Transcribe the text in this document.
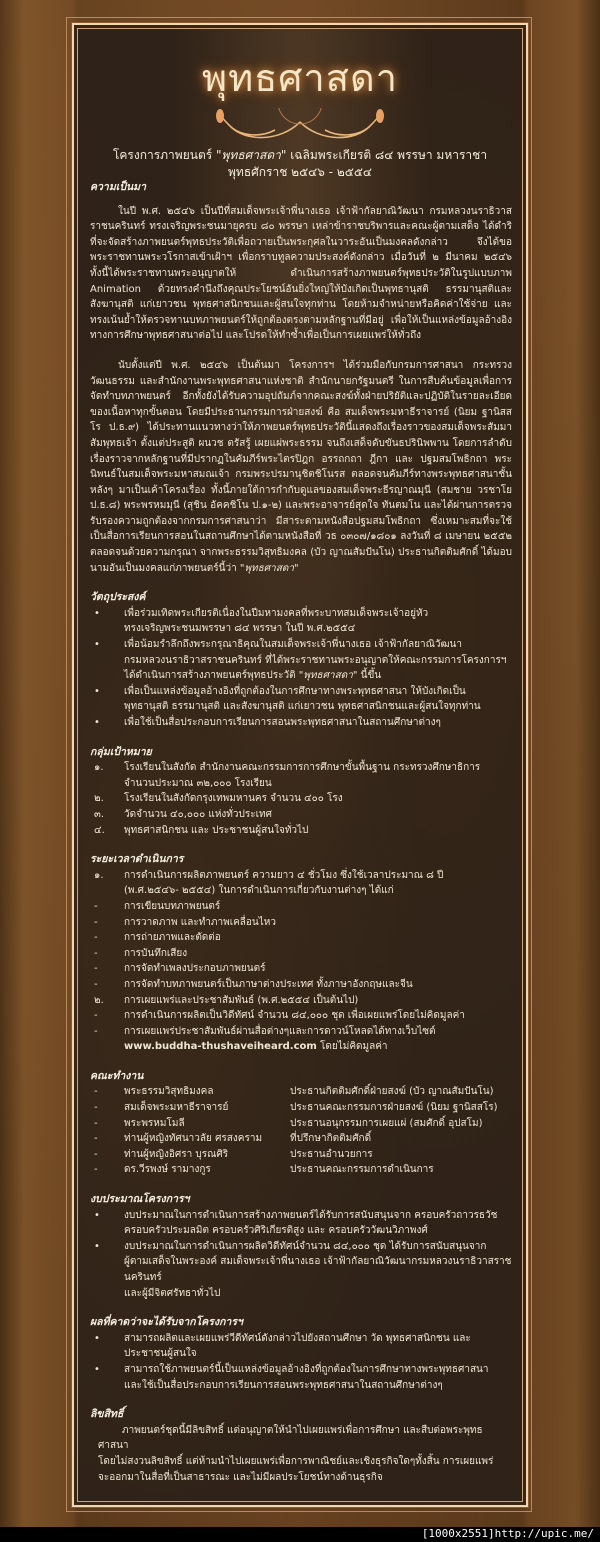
พุทธศาสดา
โครงการภาพยนตร์ "พุทธศาสดา" เฉลิมพระเกียรติ ๘๔ พรรษา มหาราชา
พุทธศักราช ๒๕๔๖ - ๒๕๕๔

ความเป็นมา

ในปี พ.ศ. ๒๕๔๖ เป็นปีที่สมเด็จพระเจ้าพี่นางเธอ เจ้าฟ้ากัลยาณิวัฒนา กรมหลวงนราธิวาสราชนครินทร์ ทรงเจริญพระชนมายุครบ ๘๐ พรรษา เหล่าข้าราชบริพารและคณะผู้ตามเสด็จ ได้ดำริที่จะจัดสร้างภาพยนตร์พุทธประวัติเพื่อถวายเป็นพระกุศลในวาระอันเป็นมงคลดังกล่าว จึงได้ขอพระราชทานพระวโรกาสเข้าเฝ้าฯ เพื่อกราบทูลความประสงค์ดังกล่าว เมื่อวันที่ ๒ มีนาคม ๒๕๔๖ ทั้งนี้ได้พระราชทานพระอนุญาตให้ ดำเนินการสร้างภาพยนตร์พุทธประวัติในรูปแบบภาพ Animation ด้วยทรงคำนึงถึงคุณประโยชน์อันยิ่งใหญ่ให้บังเกิดเป็นพุทธานุสติ ธรรมานุสติและสังฆานุสติ แก่เยาวชน พุทธศาสนิกชนและผู้สนใจทุกท่าน โดยห้ามจำหน่ายหรือคิดค่าใช้จ่าย และทรงเน้นย้ำให้ตรวจทานบทภาพยนตร์ให้ถูกต้องตรงตามหลักฐานที่มีอยู่ เพื่อให้เป็นแหล่งข้อมูลอ้างอิงทางการศึกษาพุทธศาสนาต่อไป และโปรดให้ทำซ้ำเพื่อเป็นการเผยแพร่ให้ทั่วถึง

นับตั้งแต่ปี พ.ศ. ๒๕๔๖ เป็นต้นมา โครงการฯ ได้ร่วมมือกับกรมการศาสนา กระทรวงวัฒนธรรม และสำนักงานพระพุทธศาสนาแห่งชาติ สำนักนายกรัฐมนตรี ในการสืบค้นข้อมูลเพื่อการจัดทำบทภาพยนตร์ อีกทั้งยังได้รับความอุปถัมภ์จากคณะสงฆ์ทั้งฝ่ายปริยัติและปฏิบัติในรายละเอียดของเนื้อหาทุกขั้นตอน โดยมีประธานกรรมการฝ่ายสงฆ์ คือ สมเด็จพระมหาธีราจารย์ (นิยม ฐานิสสโร ป.ธ.๙) ได้ประทานแนวทางว่าให้ภาพยนตร์พุทธประวัตินี้แสดงถึงเรื่องราวของสมเด็จพระสัมมาสัมพุทธเจ้า ตั้งแต่ประสูติ ผนวช ตรัสรู้ เผยแผ่พระธรรม จนถึงเสด็จดับขันธปรินิพพาน โดยการลำดับเรื่องราวจากหลักฐานที่มีปรากฏในคัมภีร์พระไตรปิฎก อรรถกถา ฎีกา และ ปฐมสมโพธิกถา พระนิพนธ์ในสมเด็จพระมหาสมณเจ้า กรมพระปรมานุชิตชิโนรส ตลอดจนคัมภีร์ทางพระพุทธศาสนาชั้นหลังๆ มาเป็นเค้าโครงเรื่อง ทั้งนี้ภายใต้การกำกับดูแลของสมเด็จพระธีรญาณมุนี (สมชาย วรชาโย ป.ธ.๘) พระพรหมมุนี (สุชิน อัคคชิโน ป.๑-๒) และพระอาจารย์สุดใจ ทันตมโน และได้ผ่านการตรวจรับรองความถูกต้องจากกรมการศาสนาว่า มีสาระตามหนังสือปฐมสมโพธิกถา ซึ่งเหมาะสมที่จะใช้เป็นสื่อการเรียนการสอนในสถานศึกษาได้ตามหนังสือที่ วธ ๐๓๐๗/๑๘๐๑ ลงวันที่ ๘ เมษายน ๒๕๕๒ ตลอดจนด้วยความกรุณา จากพระธรรมวิสุทธิมงคล (บัว ญาณสัมปันโน) ประธานกิตติมศักดิ์ ได้มอบนามอันเป็นมงคลแก่ภาพยนตร์นี้ว่า "พุทธศาสดา"

วัตถุประสงค์

• เพื่อร่วมเทิดพระเกียรติเนื่องในปีมหามงคลที่พระบาทสมเด็จพระเจ้าอยู่หัว
ทรงเจริญพระชนมพรรษา ๘๔ พรรษา ในปี พ.ศ.๒๕๕๔
• เพื่อน้อมรำลึกถึงพระกรุณาธิคุณในสมเด็จพระเจ้าพี่นางเธอ เจ้าฟ้ากัลยาณิวัฒนา
กรมหลวงนราธิวาสราชนครินทร์ ที่ได้พระราชทานพระอนุญาตให้คณะกรรมการโครงการฯ
ได้ดำเนินการสร้างภาพยนตร์พุทธประวัติ "พุทธศาสดา" นี้ขึ้น
• เพื่อเป็นแหล่งข้อมูลอ้างอิงที่ถูกต้องในการศึกษาทางพระพุทธศาสนา ให้บังเกิดเป็น
พุทธานุสติ ธรรมานุสติ และสังฆานุสติ แก่เยาวชน พุทธศาสนิกชนและผู้สนใจทุกท่าน
• เพื่อใช้เป็นสื่อประกอบการเรียนการสอนพระพุทธศาสนาในสถานศึกษาต่างๆ

กลุ่มเป้าหมาย

๑. โรงเรียนในสังกัด สำนักงานคณะกรรมการการศึกษาขั้นพื้นฐาน กระทรวงศึกษาธิการ
จำนวนประมาณ ๓๒,๐๐๐ โรงเรียน
๒. โรงเรียนในสังกัดกรุงเทพมหานคร จำนวน ๔๐๐ โรง
๓. วัดจำนวน ๔๐,๐๐๐ แห่งทั่วประเทศ
๔. พุทธศาสนิกชน และ ประชาชนผู้สนใจทั่วไป

ระยะเวลาดำเนินการ

๑. การดำเนินการผลิตภาพยนตร์ ความยาว ๔ ชั่วโมง ซึ่งใช้เวลาประมาณ ๘ ปี
(พ.ศ.๒๕๔๖- ๒๕๕๔) ในการดำเนินการเกี่ยวกับงานต่างๆ ได้แก่
-	การเขียนบทภาพยนตร์
-	การวาดภาพ และทำภาพเคลื่อนไหว
-	การถ่ายภาพและตัดต่อ
-	การบันทึกเสียง
-	การจัดทำเพลงประกอบภาพยนตร์
-	การจัดทำบทภาพยนตร์เป็นภาษาต่างประเทศ ทั้งภาษาอังกฤษและจีน
๒. การเผยแพร่และประชาสัมพันธ์ (พ.ศ.๒๕๕๔ เป็นต้นไป)
-	การดำเนินการผลิตเป็นวิดีทัศน์ จำนวน ๘๔,๐๐๐ ชุด เพื่อเผยแพร่โดยไม่คิดมูลค่า
-	การเผยแพร่ประชาสัมพันธ์ผ่านสื่อต่างๆและการดาวน์โหลดได้ทางเว็บไซต์
www.buddha-thushaveiheard.com โดยไม่คิดมูลค่า

คณะทำงาน

-	พระธรรมวิสุทธิมงคล	ประธานกิตติมศักดิ์ฝ่ายสงฆ์ (บัว ญาณสัมปันโน)
-	สมเด็จพระมหาธีราจารย์	ประธานคณะกรรมการฝ่ายสงฆ์ (นิยม ฐานิสสโร)
-	พระพรหมโมลี	ประธานอนุกรรมการเผยแผ่ (สมศักดิ์ อุปสโม)
-	ท่านผู้หญิงทัศนาวลัย ศรสงคราม	ที่ปรึกษากิตติมศักดิ์
-	ท่านผู้หญิงอิศรา บุรณศิริ	ประธานอำนวยการ
-	ดร.วีรพงษ์ รามางกูร	ประธานคณะกรรมการดำเนินการ

งบประมาณโครงการฯ

• งบประมาณในการดำเนินการสร้างภาพยนตร์ได้รับการสนับสนุนจาก ครอบครัวถาวรธวัช
ครอบครัวประมลมิต ครอบครัวศิริเกียรติสูง และ ครอบครัววัฒนวิภาพงศ์
• งบประมาณในการดำเนินการผลิตวิดีทัศน์จำนวน ๘๔,๐๐๐ ชุด ได้รับการสนับสนุนจาก
ผู้ตามเสด็จในพระองค์ สมเด็จพระเจ้าพี่นางเธอ เจ้าฟ้ากัลยาณิวัฒนากรมหลวงนราธิวาสราชนครินทร์
และผู้มีจิตศรัทธาทั่วไป

ผลที่คาดว่าจะได้รับจากโครงการฯ

• สามารถผลิตและเผยแพร่วีดีทัศน์ดังกล่าวไปยังสถานศึกษา วัด พุทธศาสนิกชน และประชาชนผู้สนใจ
• สามารถใช้ภาพยนตร์นี้เป็นแหล่งข้อมูลอ้างอิงที่ถูกต้องในการศึกษาทางพระพุทธศาสนา
และใช้เป็นสื่อประกอบการเรียนการสอนพระพุทธศาสนาในสถานศึกษาต่างๆ

ลิขสิทธิ์

ภาพยนตร์ชุดนี้มีลิขสิทธิ์ แต่อนุญาตให้นำไปเผยแพร่เพื่อการศึกษา และสืบต่อพระพุทธศาสนา

โดยไม่สงวนลิขสิทธิ์ แต่ห้ามนำไปเผยแพร่เพื่อการพาณิชย์และเชิงธุรกิจใดๆทั้งสิ้น การเผยแพร่

จะออกมาในสื่อที่เป็นสาธารณะ และไม่มีผลประโยชน์ทางด้านธุรกิจ

[1000x2551]http://upic.me/
